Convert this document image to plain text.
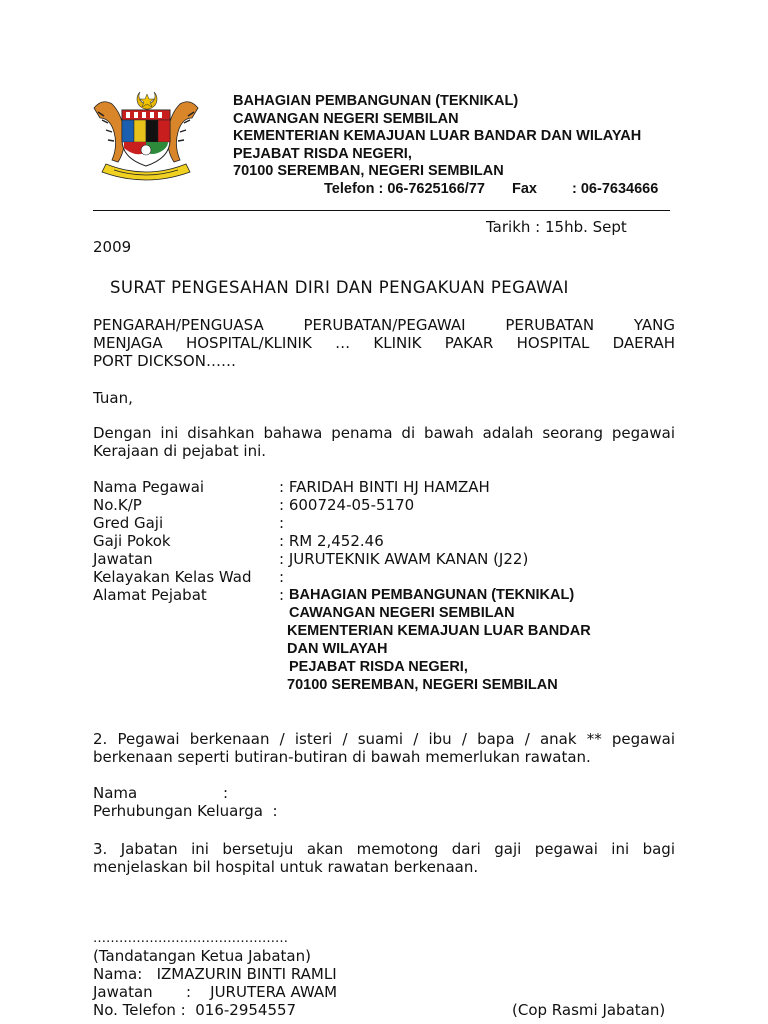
BAHAGIAN PEMBANGUNAN (TEKNIKAL)
CAWANGAN NEGERI SEMBILAN
KEMENTERIAN KEMAJUAN LUAR BANDAR DAN WILAYAH
PEJABAT RISDA NEGERI,
70100 SEREMBAN, NEGERI SEMBILAN
Telefon : 06-7625166/77 Fax : 06-7634666
Tarikh : 15hb. Sept
2009
SURAT PENGESAHAN DIRI DAN PENGAKUAN PEGAWAI
PENGARAH/PENGUASA PERUBATAN/PEGAWAI PERUBATAN YANG
MENJAGA HOSPITAL/KLINIK … KLINIK PAKAR HOSPITAL DAERAH
PORT DICKSON……
Tuan,
Dengan ini disahkan bahawa penama di bawah adalah seorang pegawai
Kerajaan di pejabat ini.
Nama Pegawai	: FARIDAH BINTI HJ HAMZAH
No.K/P	: 600724-05-5170
Gred Gaji	:
Gaji Pokok	: RM 2,452.46
Jawatan	: JURUTEKNIK AWAM KANAN (J22)
Kelayakan Kelas Wad :
Alamat Pejabat	: BAHAGIAN PEMBANGUNAN (TEKNIKAL)
CAWANGAN NEGERI SEMBILAN
KEMENTERIAN KEMAJUAN LUAR BANDAR
DAN WILAYAH
PEJABAT RISDA NEGERI,
70100 SEREMBAN, NEGERI SEMBILAN
2. Pegawai berkenaan / isteri / suami / ibu / bapa / anak ** pegawai
berkenaan seperti butiran-butiran di bawah memerlukan rawatan.
Nama                  :
Perhubungan Keluarga  :
3. Jabatan ini bersetuju akan memotong dari gaji pegawai ini bagi
menjelaskan bil hospital untuk rawatan berkenaan.
………………………………………
(Tandatangan Ketua Jabatan)
Nama:   IZMAZURIN BINTI RAMLI
Jawatan       :    JURUTERA AWAM
No. Telefon :  016-2954557	(Cop Rasmi Jabatan)
